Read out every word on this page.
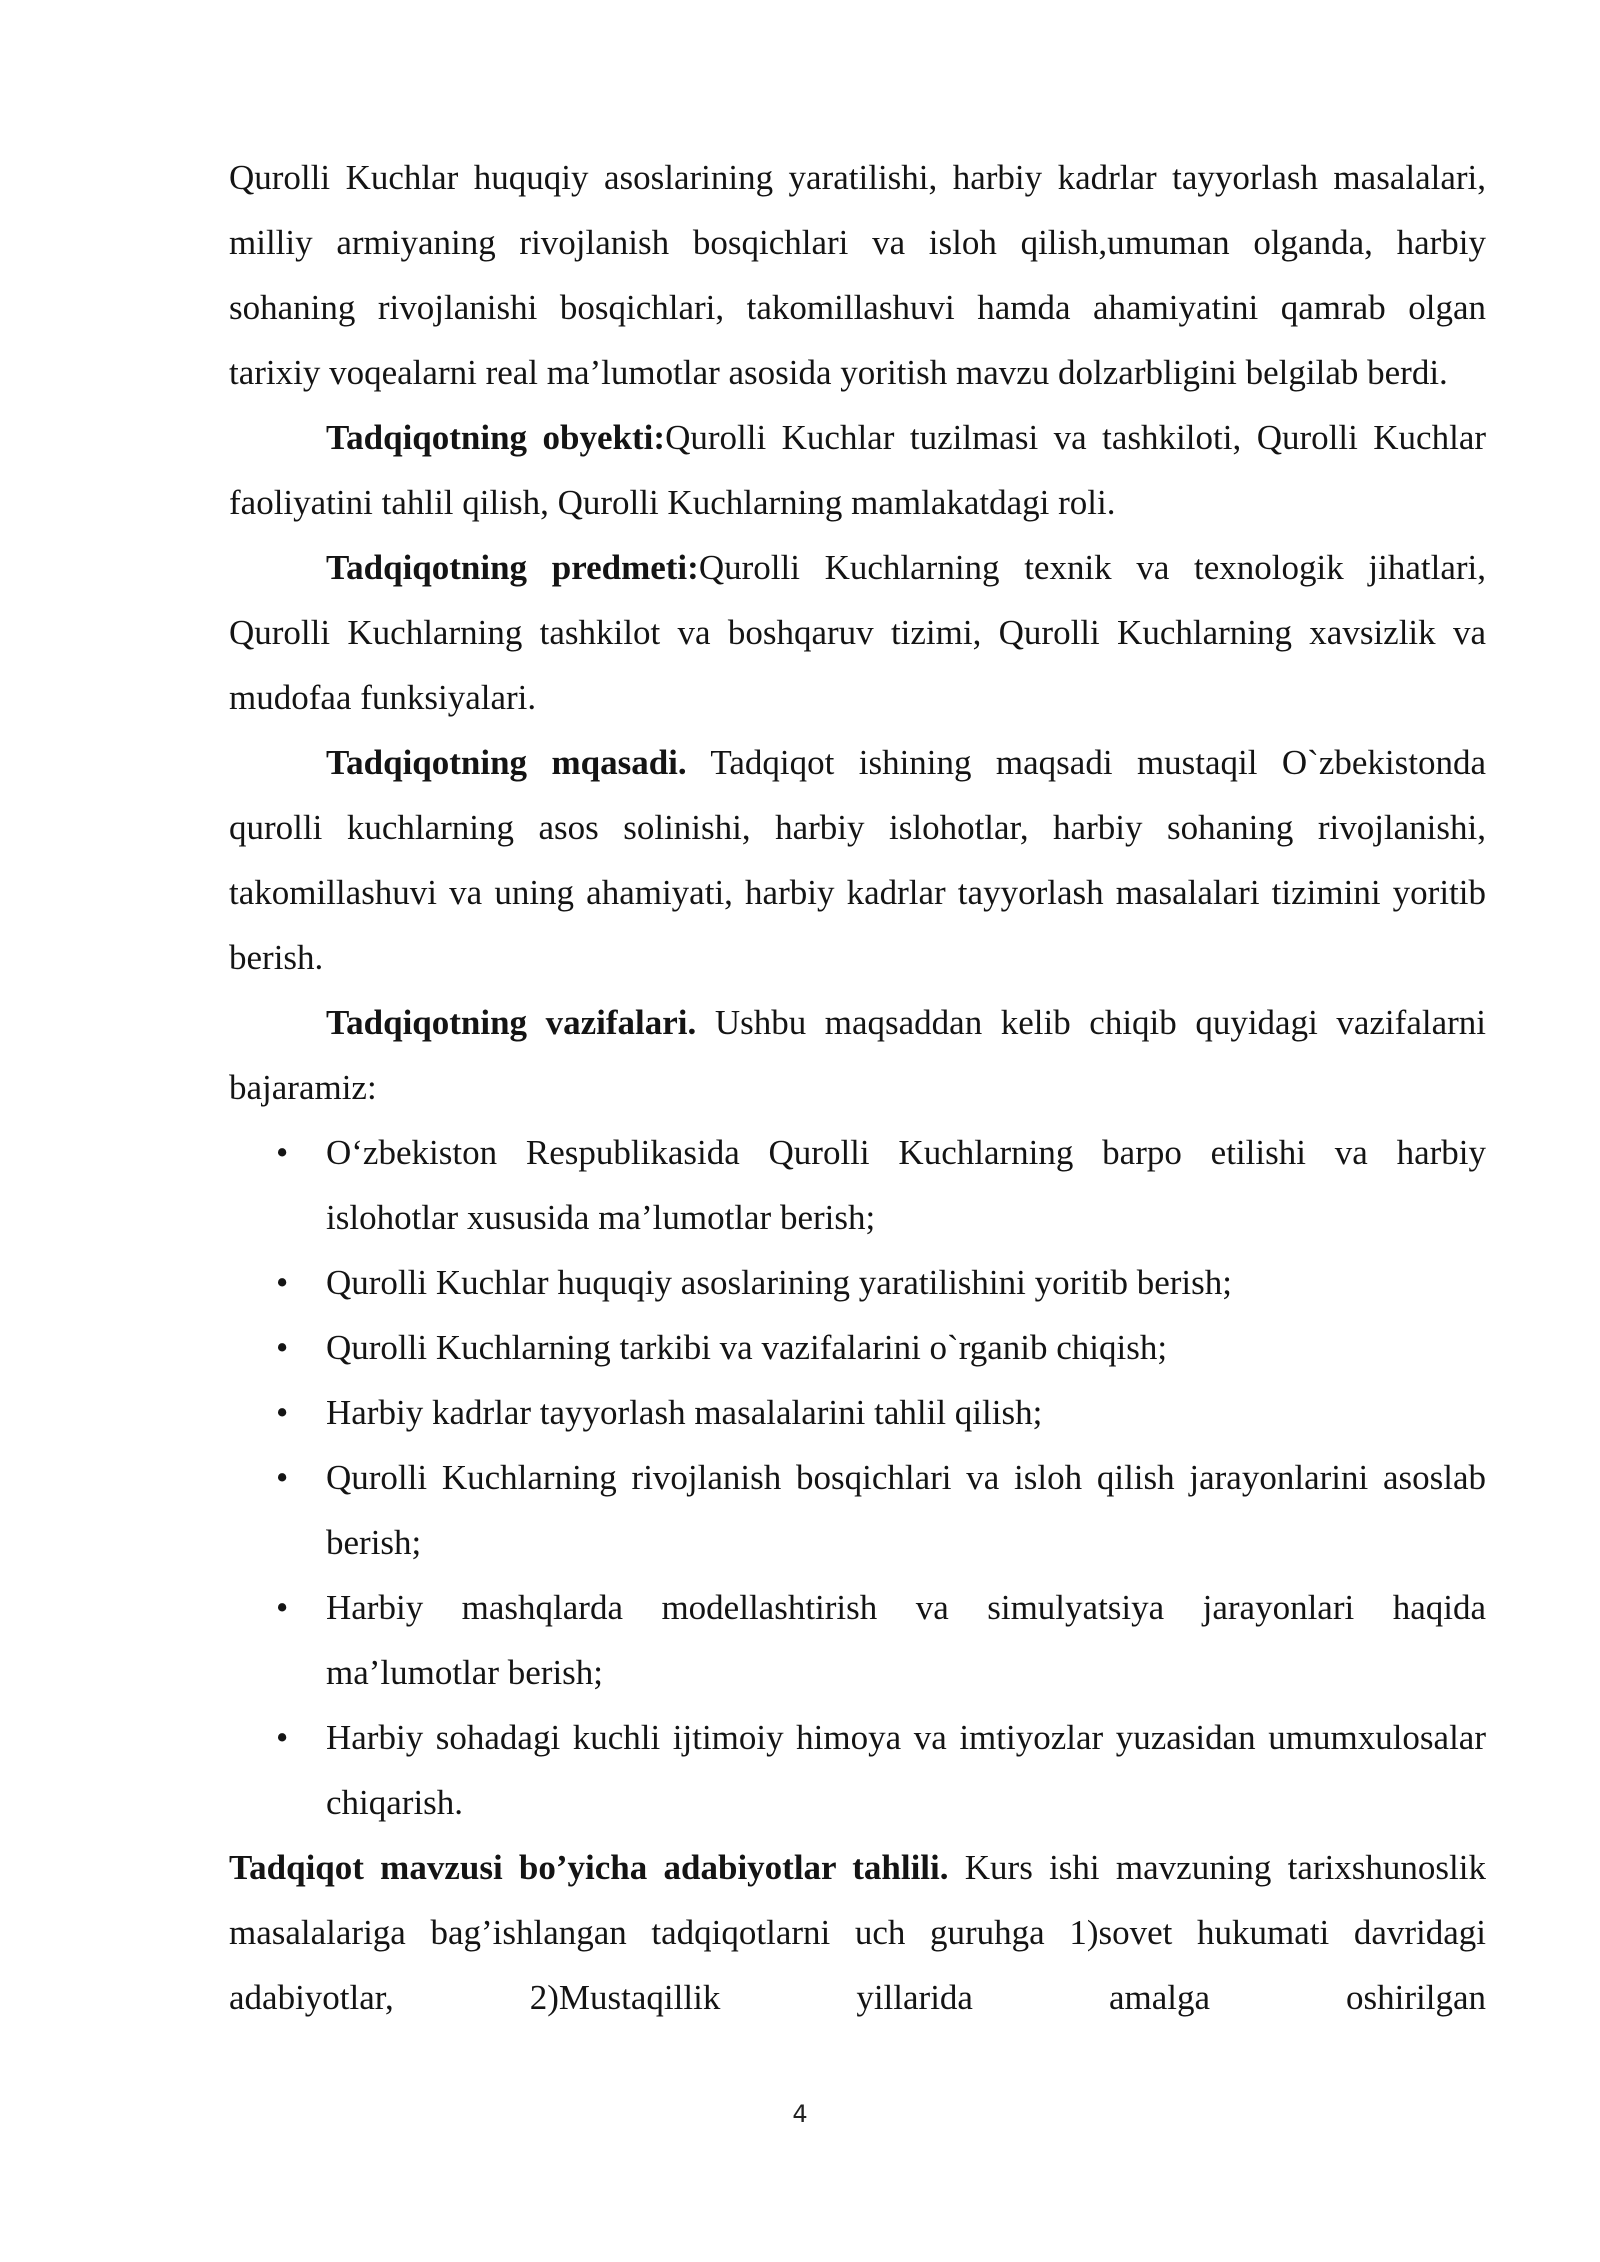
Qurolli Kuchlar huquqiy asoslarining yaratilishi, harbiy kadrlar tayyorlash masalalari, milliy armiyaning rivojlanish bosqichlari va isloh qilish,umuman olganda, harbiy sohaning rivojlanishi bosqichlari, takomillashuvi hamda ahamiyatini qamrab olgan tarixiy voqealarni real ma’lumotlar asosida yoritish mavzu dolzarbligini belgilab berdi.

Tadqiqotning obyekti:Qurolli Kuchlar tuzilmasi va tashkiloti, Qurolli Kuchlar faoliyatini tahlil qilish, Qurolli Kuchlarning mamlakatdagi roli.

Tadqiqotning predmeti:Qurolli Kuchlarning texnik va texnologik jihatlari, Qurolli Kuchlarning tashkilot va boshqaruv tizimi, Qurolli Kuchlarning xavsizlik va mudofaa funksiyalari.

Tadqiqotning mqasadi. Tadqiqot ishining maqsadi mustaqil O`zbekistonda qurolli kuchlarning asos solinishi, harbiy islohotlar, harbiy sohaning rivojlanishi, takomillashuvi va uning ahamiyati, harbiy kadrlar tayyorlash masalalari tizimini yoritib berish.

Tadqiqotning vazifalari. Ushbu maqsaddan kelib chiqib quyidagi vazifalarni bajaramiz:

• O‘zbekiston Respublikasida Qurolli Kuchlarning barpo etilishi va harbiy islohotlar xususida ma’lumotlar berish;
• Qurolli Kuchlar huquqiy asoslarining yaratilishini yoritib berish;
• Qurolli Kuchlarning tarkibi va vazifalarini o`rganib chiqish;
• Harbiy kadrlar tayyorlash masalalarini tahlil qilish;
• Qurolli Kuchlarning rivojlanish bosqichlari va isloh qilish jarayonlarini asoslab berish;
• Harbiy mashqlarda modellashtirish va simulyatsiya jarayonlari haqida ma’lumotlar berish;
• Harbiy sohadagi kuchli ijtimoiy himoya va imtiyozlar yuzasidan umumxulosalar chiqarish.

Tadqiqot mavzusi bo’yicha adabiyotlar tahlili. Kurs ishi mavzuning tarixshunoslik masalalariga bag’ishlangan tadqiqotlarni uch guruhga 1)sovet hukumati davridagi adabiyotlar, 2)Mustaqillik yillarida amalga oshirilgan

4
